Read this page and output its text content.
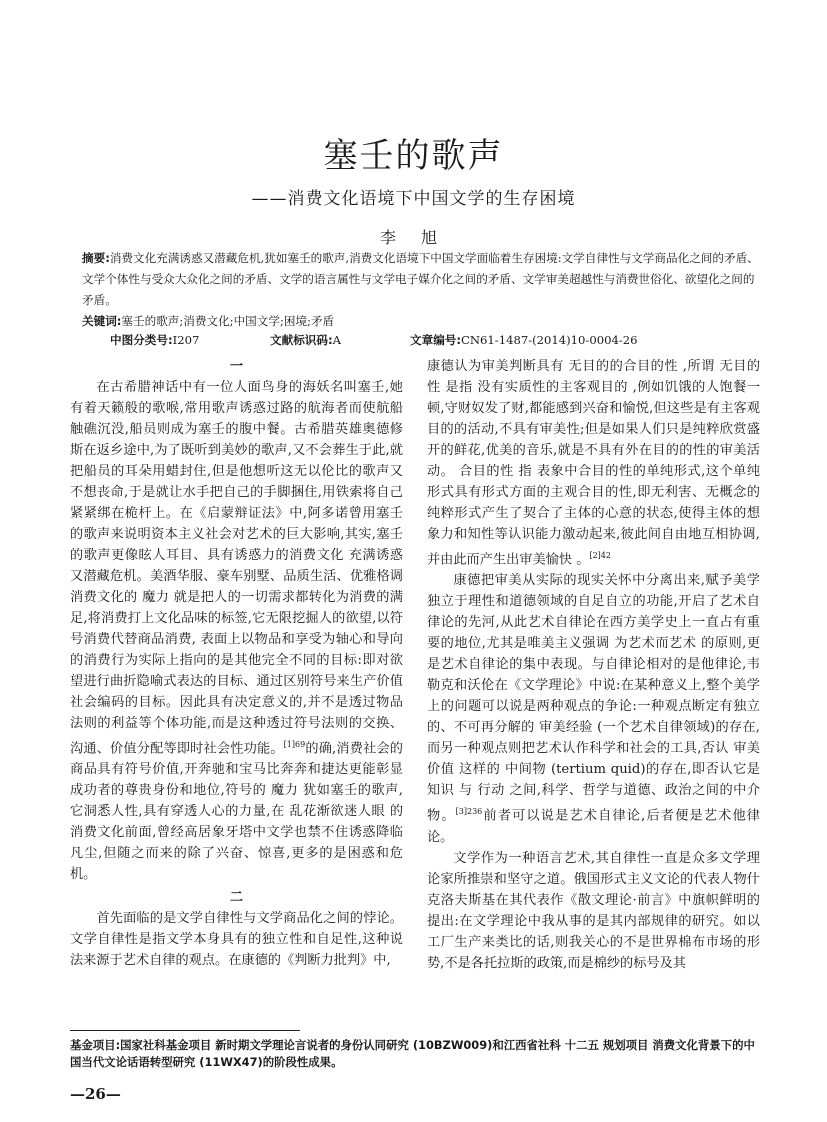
塞壬的歌声
——消费文化语境下中国文学的生存困境
李 旭
摘要:消费文化充满诱惑又潜藏危机,犹如塞壬的歌声,消费文化语境下中国文学面临着生存困境:文学自律性与文学商品化之间的矛盾、文学个体性与受众大众化之间的矛盾、文学的语言属性与文学电子媒介化之间的矛盾、文学审美超越性与消费世俗化、欲望化之间的矛盾。
关键词:塞壬的歌声;消费文化;中国文学;困境;矛盾
中图分类号:I207	文献标识码:A	文章编号:CN61-1487-(2014)10-0004-26
一

在古希腊神话中有一位人面鸟身的海妖名叫塞壬,她有着天籁般的歌喉,常用歌声诱惑过路的航海者而使航船触礁沉没,船员则成为塞壬的腹中餐。古希腊英雄奥德修斯在返乡途中,为了既听到美妙的歌声,又不会葬生于此,就把船员的耳朵用蜡封住,但是他想听这无以伦比的歌声又不想丧命,于是就让水手把自己的手脚捆住,用铁索将自己紧紧绑在桅杆上。在《启蒙辩证法》中,阿多诺曾用塞壬的歌声来说明资本主义社会对艺术的巨大影响,其实,塞壬的歌声更像眩人耳目、具有诱惑力的消费文化 充满诱惑又潜藏危机。美酒华服、豪车别墅、品质生活、优雅格调 消费文化的 魔力 就是把人的一切需求都转化为消费的满足,将消费打上文化品味的标签,它无限挖掘人的欲望,以符号消费代替商品消费, 表面上以物品和享受为轴心和导向的消费行为实际上指向的是其他完全不同的目标:即对欲望进行曲折隐喻式表达的目标、通过区别符号来生产价值社会编码的目标。因此具有决定意义的,并不是透过物品法则的利益等个体功能,而是这种透过符号法则的交换、沟通、价值分配等即时社会性功能。$^{[1]69}$的确,消费社会的商品具有符号价值,开奔驰和宝马比奔奔和捷达更能彰显成功者的尊贵身份和地位,符号的 魔力 犹如塞壬的歌声,它洞悉人性,具有穿透人心的力量,在 乱花渐欲迷人眼 的消费文化前面,曾经高居象牙塔中文学也禁不住诱惑降临凡尘,但随之而来的除了兴奋、惊喜,更多的是困惑和危机。

二

首先面临的是文学自律性与文学商品化之间的悖论。文学自律性是指文学本身具有的独立性和自足性,这种说法来源于艺术自律的观点。在康德的《判断力批判》中,

康德认为审美判断具有 无目的的合目的性 ,所谓 无目的性 是指 没有实质性的主客观目的 ,例如饥饿的人饱餐一顿,守财奴发了财,都能感到兴奋和愉悦,但这些是有主客观目的的活动,不具有审美性;但是如果人们只是纯粹欣赏盛开的鲜花,优美的音乐,就是不具有外在目的的性的审美活动。 合目的性 指 表象中合目的性的单纯形式,这个单纯形式具有形式方面的主观合目的性,即无利害、无概念的纯粹形式产生了契合了主体的心意的状态,使得主体的想象力和知性等认识能力激动起来,彼此间自由地互相协调,并由此而产生出审美愉快 。$^{[2]42}$

康德把审美从实际的现实关怀中分离出来,赋予美学独立于理性和道德领域的自足自立的功能,开启了艺术自律论的先河,从此艺术自律论在西方美学史上一直占有重要的地位,尤其是唯美主义强调 为艺术而艺术 的原则,更是艺术自律论的集中表现。与自律论相对的是他律论,韦勒克和沃伦在《文学理论》中说:在某种意义上,整个美学上的问题可以说是两种观点的争论:一种观点断定有独立的、不可再分解的 审美经验 (一个艺术自律领域)的存在,而另一种观点则把艺术认作科学和社会的工具,否认 审美价值 这样的 中间物 (tertium quid)的存在,即否认它是 知识 与 行动 之间,科学、哲学与道德、政治之间的中介物。$^{[3]236}$前者可以说是艺术自律论,后者便是艺术他律论。

文学作为一种语言艺术,其自律性一直是众多文学理论家所推崇和坚守之道。俄国形式主义文论的代表人物什克洛夫斯基在其代表作《散文理论·前言》中旗帜鲜明的提出:在文学理论中我从事的是其内部规律的研究。如以工厂生产来类比的话,则我关心的不是世界棉布市场的形势,不是各托拉斯的政策,而是棉纱的标号及其

基金项目:国家社科基金项目 新时期文学理论言说者的身份认同研究 (10BZW009)和江西省社科 十二五 规划项目 消费文化背景下的中国当代文论话语转型研究 (11WX47)的阶段性成果。
—26—
